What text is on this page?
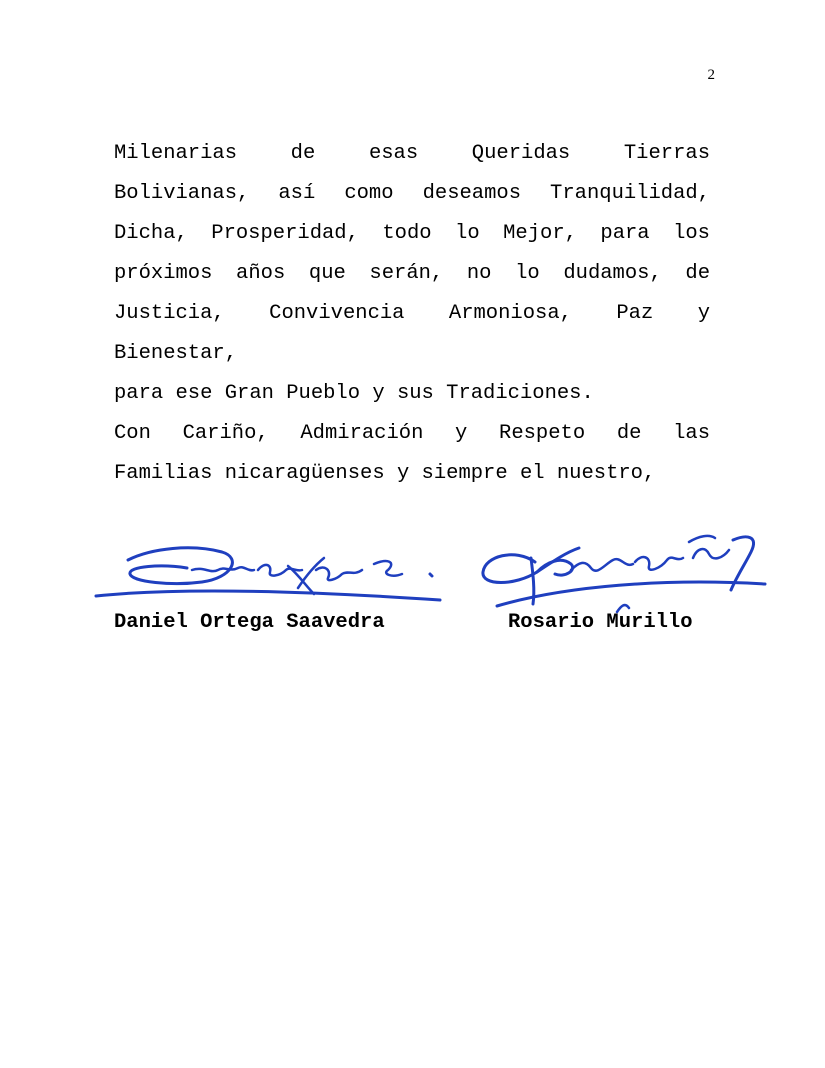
2
Milenarias de esas Queridas Tierras
Bolivianas, así como deseamos Tranquilidad,
Dicha, Prosperidad, todo lo Mejor, para los
próximos años que serán, no lo dudamos, de
Justicia, Convivencia Armoniosa, Paz y Bienestar,
para ese Gran Pueblo y sus Tradiciones.
Con Cariño, Admiración y Respeto de las
Familias nicaragüenses y siempre el nuestro,
Daniel Ortega Saavedra	Rosario Murillo
